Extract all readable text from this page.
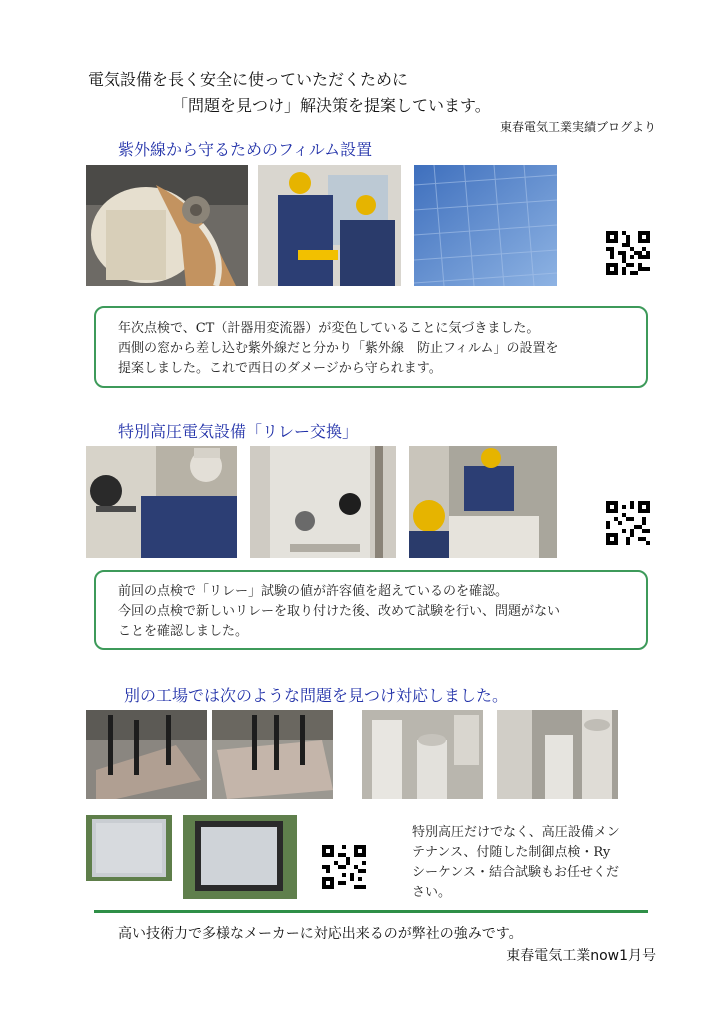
電気設備を長く安全に使っていただくために
「問題を見つけ」解決策を提案しています。
東春電気工業実績ブログより
紫外線から守るためのフィルム設置

年次点検で、CT（計器用変流器）が変色していることに気づきました。

西側の窓から差し込む紫外線だと分かり「紫外線　防止フィルム」の設置を

提案しました。これで西日のダメージから守られます。

特別高圧電気設備「リレー交換」

前回の点検で「リレー」試験の値が許容値を超えているのを確認。

今回の点検で新しいリレーを取り付けた後、改めて試験を行い、問題がない

ことを確認しました。

別の工場では次のような問題を見つけ対応しました。
特別高圧だけでなく、高圧設備メン
テナンス、付随した制御点検・Ry
シーケンス・結合試験もお任せくだ
さい。
高い技術力で多様なメーカーに対応出来るのが弊社の強みです。
東春電気工業now1月号
